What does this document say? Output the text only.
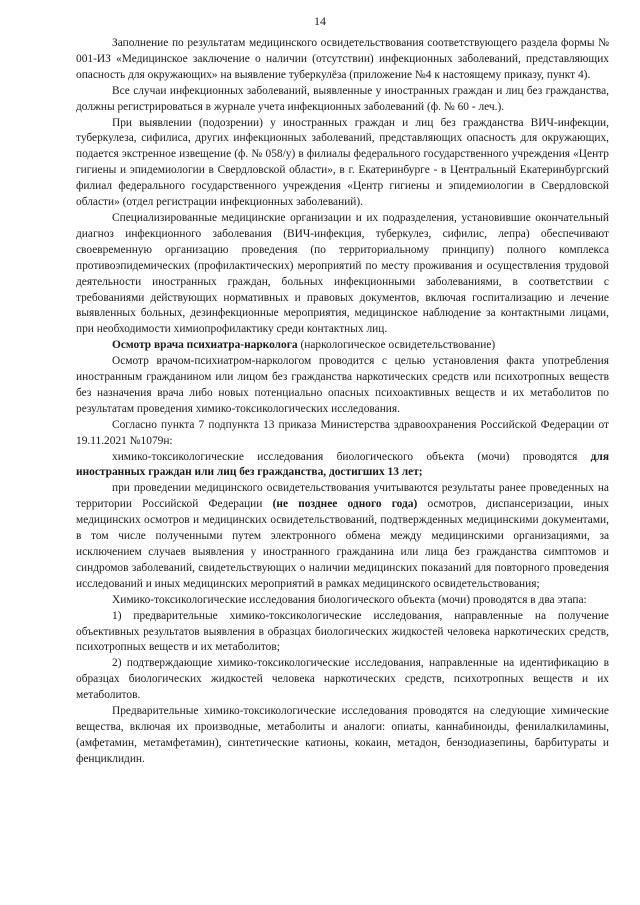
14

Заполнение по результатам медицинского освидетельствования соответствующего раздела формы № 001-ИЗ «Медицинское заключение о наличии (отсутствии) инфекционных заболеваний, представляющих опасность для окружающих» на выявление туберкулёза (приложение №4 к настоящему приказу, пункт 4).

Все случаи инфекционных заболеваний, выявленные у иностранных граждан и лиц без гражданства, должны регистрироваться в журнале учета инфекционных заболеваний (ф. № 60 - леч.).

При выявлении (подозрении) у иностранных граждан и лиц без гражданства ВИЧ-инфекции, туберкулеза, сифилиса, других инфекционных заболеваний, представляющих опасность для окружающих, подается экстренное извещение (ф. № 058/у) в филиалы федерального государственного учреждения «Центр гигиены и эпидемиологии в Свердловской области», в г. Екатеринбурге - в Центральный Екатеринбургский филиал федерального государственного учреждения «Центр гигиены и эпидемиологии в Свердловской области» (отдел регистрации инфекционных заболеваний).

Специализированные медицинские организации и их подразделения, установившие окончательный диагноз инфекционного заболевания (ВИЧ-инфекция, туберкулез, сифилис, лепра) обеспечивают своевременную организацию проведения (по территориальному принципу) полного комплекса противоэпидемических (профилактических) мероприятий по месту проживания и осуществления трудовой деятельности иностранных граждан, больных инфекционными заболеваниями, в соответствии с требованиями действующих нормативных и правовых документов, включая госпитализацию и лечение выявленных больных, дезинфекционные мероприятия, медицинское наблюдение за контактными лицами, при необходимости химиопрофилактику среди контактных лиц.

Осмотр врача психиатра-нарколога (наркологическое освидетельствование)

Осмотр врачом-психиатром-наркологом проводится с целью установления факта употребления иностранным гражданином или лицом без гражданства наркотических средств или психотропных веществ без назначения врача либо новых потенциально опасных психоактивных веществ и их метаболитов по результатам проведения химико-токсикологических исследования.

Согласно пункта 7 подпункта 13 приказа Министерства здравоохранения Российской Федерации от 19.11.2021 №1079н:

химико-токсикологические исследования биологического объекта (мочи) проводятся для иностранных граждан или лиц без гражданства, достигших 13 лет;

при проведении медицинского освидетельствования учитываются результаты ранее проведенных на территории Российской Федерации (не позднее одного года) осмотров, диспансеризации, иных медицинских осмотров и медицинских освидетельствований, подтвержденных медицинскими документами, в том числе полученными путем электронного обмена между медицинскими организациями, за исключением случаев выявления у иностранного гражданина или лица без гражданства симптомов и синдромов заболеваний, свидетельствующих о наличии медицинских показаний для повторного проведения исследований и иных медицинских мероприятий в рамках медицинского освидетельствования;

Химико-токсикологические исследования биологического объекта (мочи) проводятся в два этапа:

1) предварительные химико-токсикологические исследования, направленные на получение объективных результатов выявления в образцах биологических жидкостей человека наркотических средств, психотропных веществ и их метаболитов;

2) подтверждающие химико-токсикологические исследования, направленные на идентификацию в образцах биологических жидкостей человека наркотических средств, психотропных веществ и их метаболитов.

Предварительные химико-токсикологические исследования проводятся на следующие химические вещества, включая их производные, метаболиты и аналоги: опиаты, каннабиноиды, фенилалкиламины, (амфетамин, метамфетамин), синтетические катионы, кокаин, метадон, бензодиазепины, барбитураты и фенциклидин.
